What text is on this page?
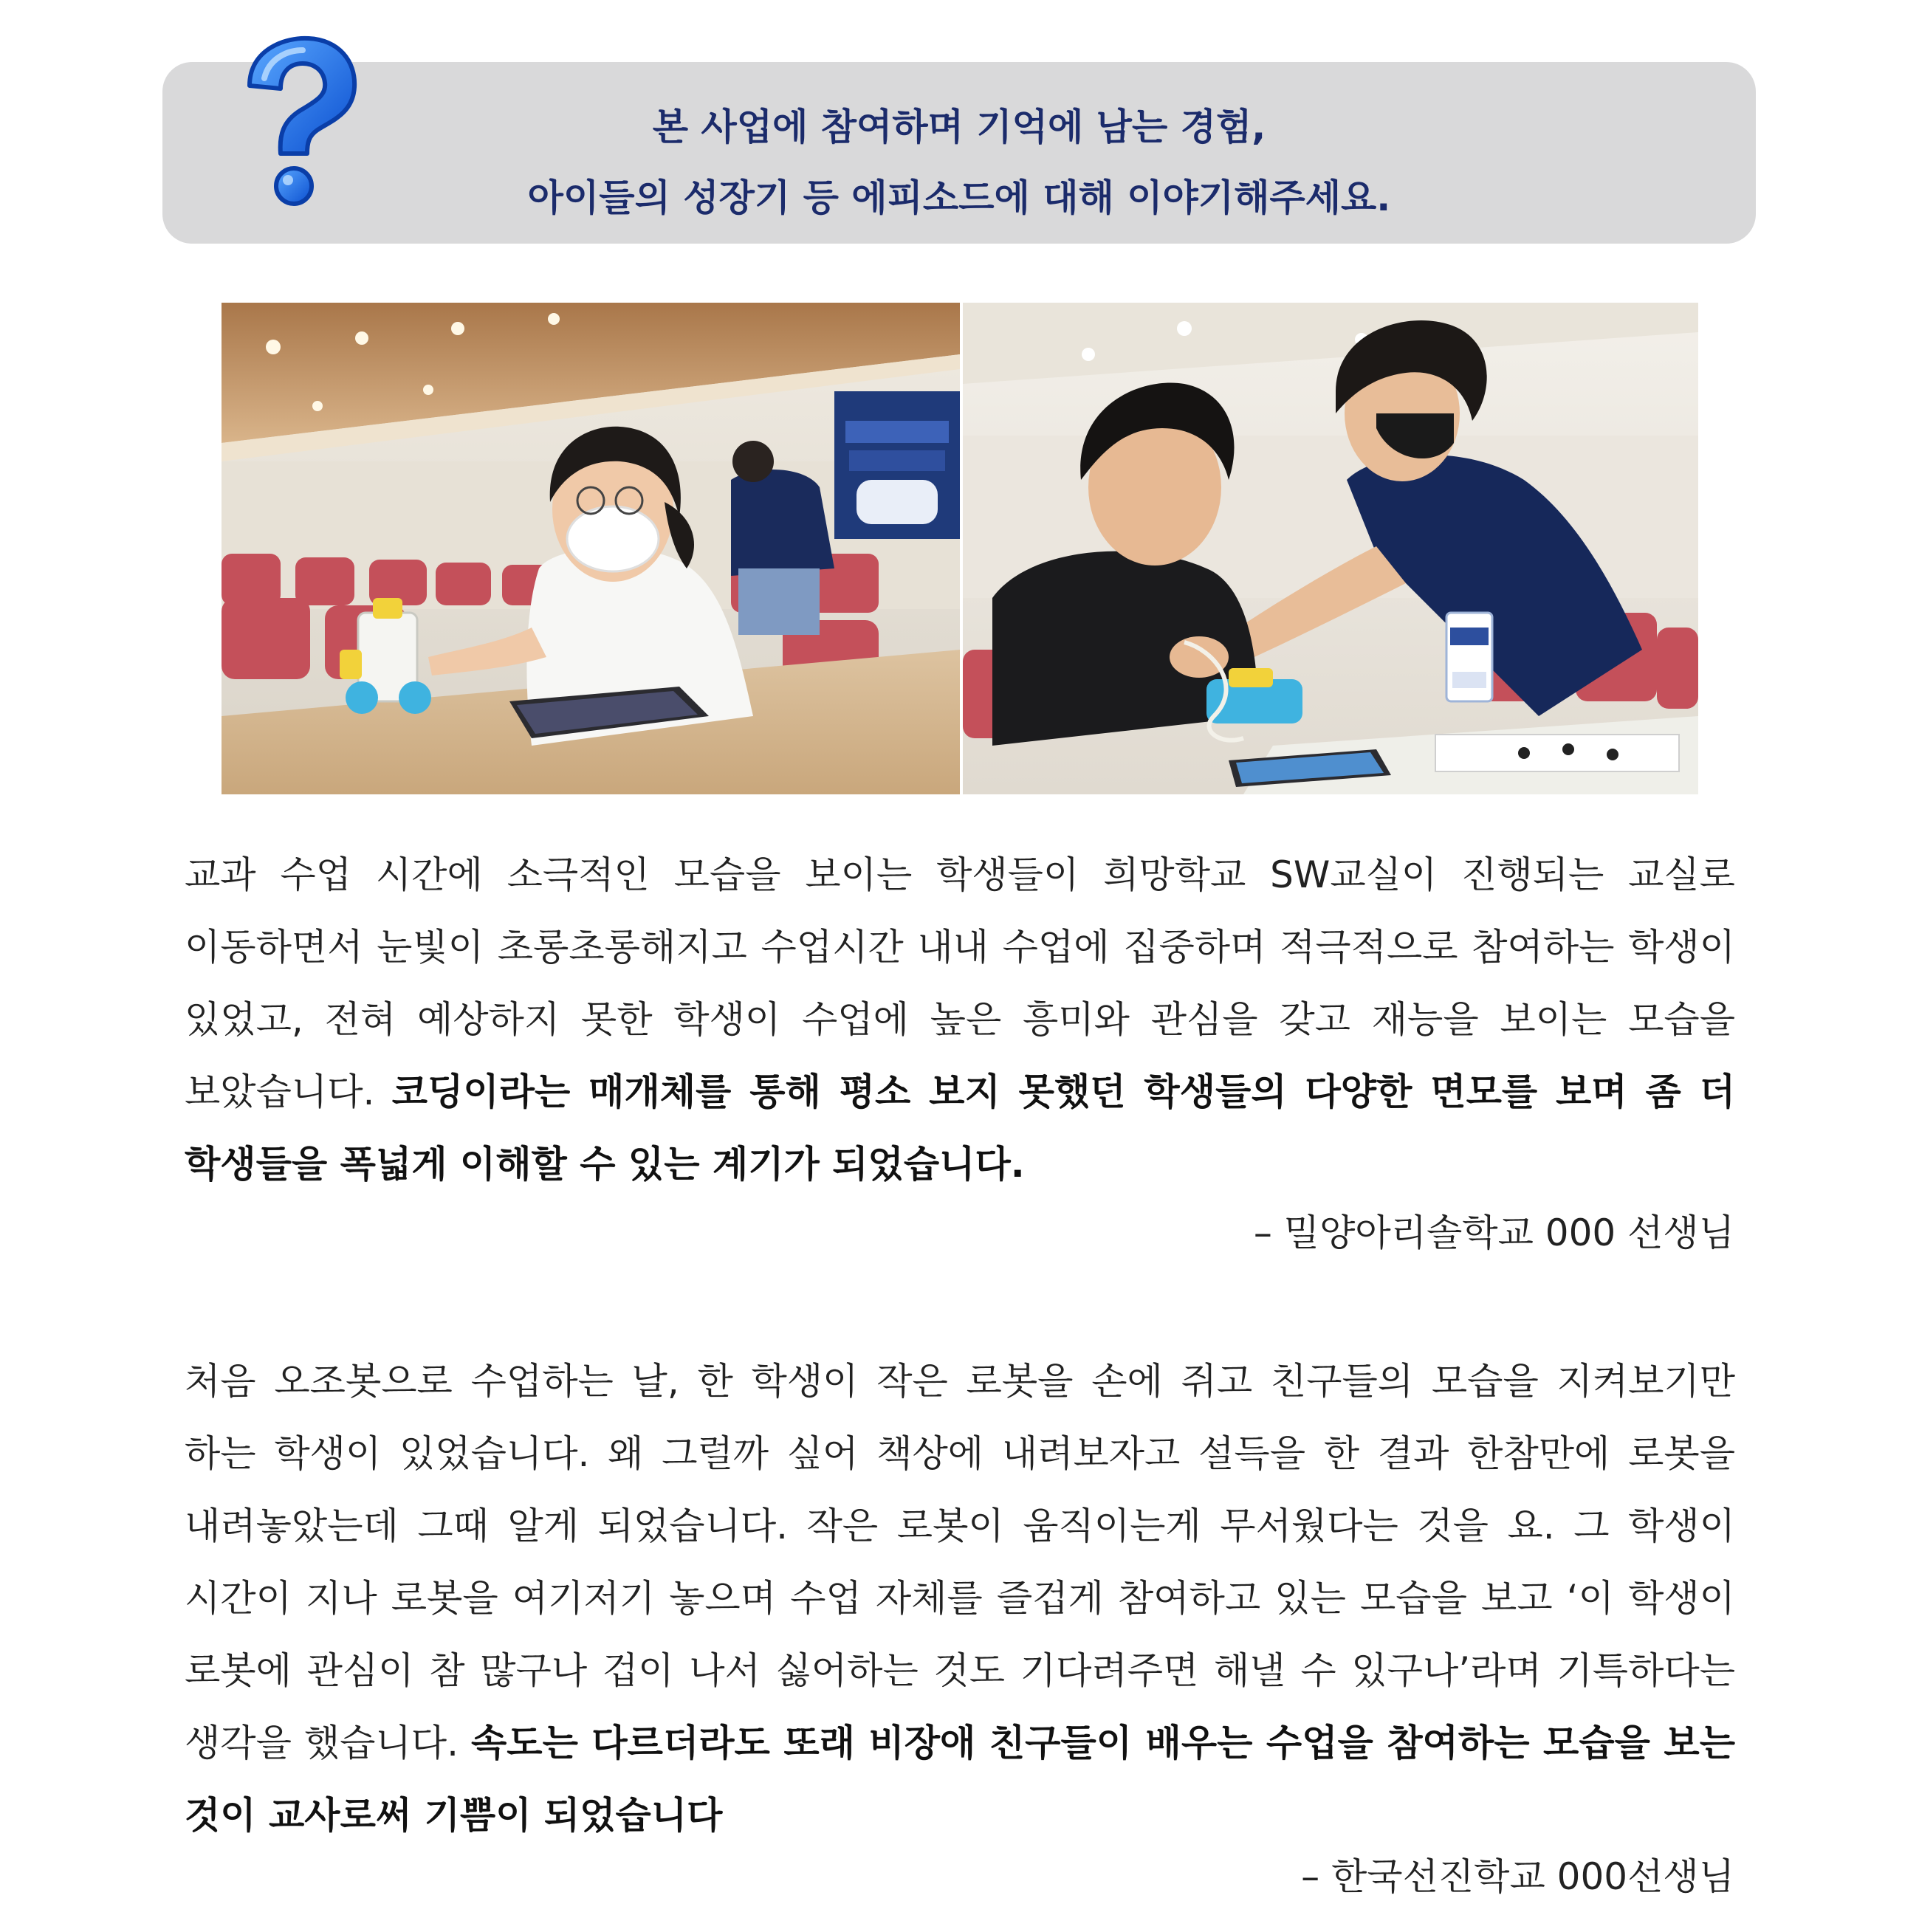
본 사업에 참여하며 기억에 남는 경험,
아이들의 성장기 등 에피소드에 대해 이야기해주세요.
교과 수업 시간에 소극적인 모습을 보이는 학생들이 희망학교 SW교실이 진행되는 교실로 이동하면서 눈빛이 초롱초롱해지고 수업시간 내내 수업에 집중하며 적극적으로 참여하는 학생이 있었고, 전혀 예상하지 못한 학생이 수업에 높은 흥미와 관심을 갖고 재능을 보이는 모습을 보았습니다. 코딩이라는 매개체를 통해 평소 보지 못했던 학생들의 다양한 면모를 보며 좀 더 학생들을 폭넓게 이해할 수 있는 계기가 되었습니다.
– 밀양아리솔학교 000 선생님
처음 오조봇으로 수업하는 날, 한 학생이 작은 로봇을 손에 쥐고 친구들의 모습을 지켜보기만 하는 학생이 있었습니다. 왜 그럴까 싶어 책상에 내려보자고 설득을 한 결과 한참만에 로봇을 내려놓았는데 그때 알게 되었습니다. 작은 로봇이 움직이는게 무서웠다는 것을 요. 그 학생이 시간이 지나 로봇을 여기저기 놓으며 수업 자체를 즐겁게 참여하고 있는 모습을 보고 ‘이 학생이 로봇에 관심이 참 많구나 겁이 나서 싫어하는 것도 기다려주면 해낼 수 있구나’라며 기특하다는 생각을 했습니다. 속도는 다르더라도 또래 비장애 친구들이 배우는 수업을 참여하는 모습을 보는 것이 교사로써 기쁨이 되었습니다
– 한국선진학교 000선생님
